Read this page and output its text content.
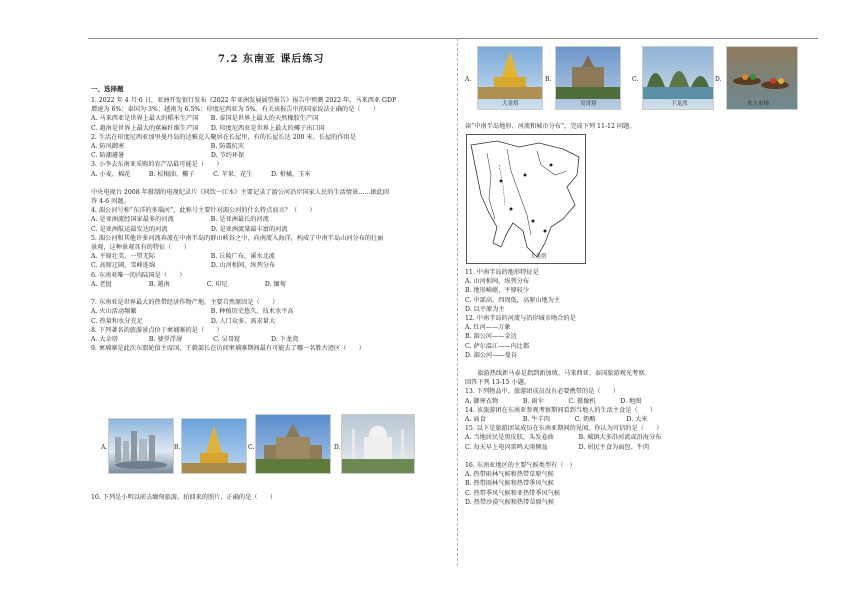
7.2 东南亚 课后练习
一、选择题
1. 2022 年 4 月 6 日，亚洲开发银行发布《2022 年亚洲发展展望报告》报告中预测 2022 年，马来西亚 GDP
增速为 6%；泰国为 3%；越南为 6.5%；印度尼西亚为 5%。有关该报告中的国家说法正确的是（　　）
A. 马来西亚是世界上最大的稻米生产国　　B. 泰国是世界上最大的天然橡胶生产国
C. 越南是世界上最大的蕉麻纤维生产国　　D. 印度尼西亚是世界上最大的椰子出口国
2. 生活在印度尼西亚加里曼丹岛的达雅克人聚居在长屋里，有的长屋长达 200 米。长屋的作用是
A. 防风御寒　　　　　　　　　　　　　　B. 防震抗灾
C. 防潮避暑　　　　　　　　　　　　　　D. 节约环保
3. 小李去东南亚采购的农产品最可能是（　　）
A. 小麦、棉花　　　B. 棕榈油、椰子　　　C. 苹果、花生　　　D. 柑橘、玉米
中央电视台 2008 年摄制的电视纪录片《同饮一江水》主要记录了湄公河沿岸国家人民的生活情景……据此回
答 4-6 问题。
4. 湄公河号称“东洋的多瑙河”，此称号主要针对湄公河的什么特点而言？（　　）
A. 是亚洲流经国家最多的河流　　　　　　B. 是亚洲最长的河流
C. 是亚洲航运最发达的河流　　　　　　　D. 是亚洲流量最丰富的河流
5. 湄公河和其他许多河流奔流在中南半岛的群山峡谷之中，向南流入海洋，构成了中南半岛山河分布的壮丽
景观，这种景观具有的特征（　　）
A. 平原壮美，一望无际　　　　　　　　　B. 丘陵广布，溪水北流
C. 高原辽阔，雪峰连绵　　　　　　　　　D. 山河相间，纵列分布
6. 东南亚唯一的内陆国是（　　）
A. 老挝　　　　　　B. 越南　　　　　　C. 印尼　　　　　　D. 缅甸
7. 东南亚是世界最大的热带经济作物产地，主要自然原因是（　　）
A. 火山活动频繁　　　　　　　　　　　　B. 种植历史悠久、技术水平高
C. 热量和水分充足　　　　　　　　　　　D. 人口众多，需求量大
8. 下列著名的旅游景点位于柬埔寨的是（　　）
A. 大金塔　　　　　B. 婆罗浮屠　　　　　C. 吴哥窟　　　　　D. 下龙湾
9. 柬埔寨是此次东盟轮值主席国，王毅部长在访问柬埔寨期间最有可能去了哪一名胜古迹区（　　）
A.	B.	C.	D.
10. 下列是小明以前去缅甸旅游，拍回来的照片，正确的是（　　）
A.
大金塔
B.
吴哥窟
C.
下龙湾
D.
水上市场
读“中南半岛地形、河流和城市分布”，完成下列 11-12 问题。
大金塔
11. 中南半岛的地形特征是
A. 山河相间、纵列分布
B. 地形崎岖，平原较少
C. 中部高、四周低，高原山地为主
D. 以平原为主
12. 中南半岛的河流与沿岸城市吻合的是
A. 红河——万象
B. 湄公河——金边
C. 萨尔温江——内比都
D. 湄公河——曼谷
　　旅游热线新马泰是指到新加坡、马来西亚、泰国旅游观光考察。
回答下列 13-15 小题。
13. 下列物品中，旅游团成员没有必要携带的是（　　）
A. 御寒衣物　　　　B. 雨伞　　　　C. 摄像机　　　　D. 地图
14. 该旅游团在东南亚参观考察期间看到当地人的生活主食是（　　）
A. 面食　　　　　　B. 牛羊肉　　　　C. 奶酪　　　　　D. 大米
15. 以下是旅游团某成员在东南亚期间的见闻，你认为可信的是（　　）
A. 当地居民是黑皮肤，头发卷曲　　　　B. 城镇大多沿河流或沿海分布
C. 每天早上电闪雷鸣大雨倾盆　　　　　D. 居民主食为面包、牛肉
16. 东南亚地区的主要气候类型有（　）
A. 热带雨林气候和热带草原气候
B. 热带雨林气候和热带季风气候
C. 热带季风气候和亚热带季风气候
D. 热带沙漠气候和热带草原气候
